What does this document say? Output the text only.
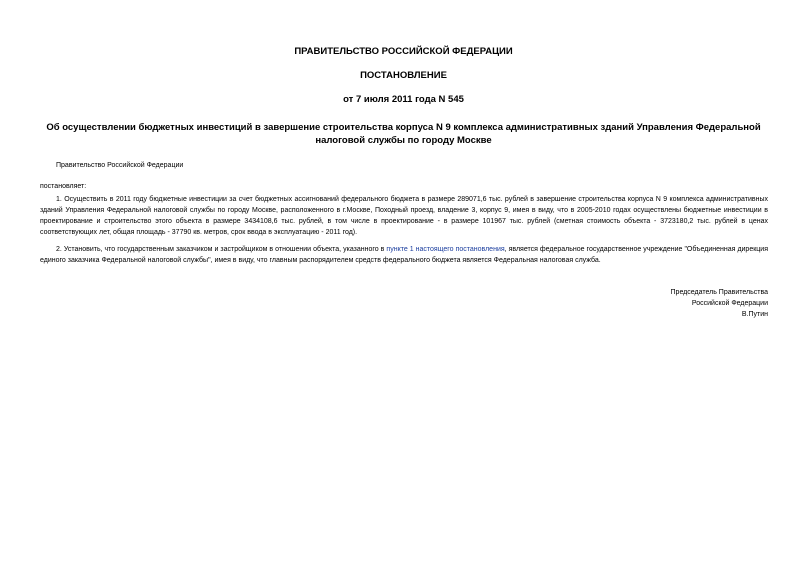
ПРАВИТЕЛЬСТВО РОССИЙСКОЙ ФЕДЕРАЦИИ
ПОСТАНОВЛЕНИЕ
от 7 июля 2011 года N 545
Об осуществлении бюджетных инвестиций в завершение строительства корпуса N 9 комплекса административных зданий Управления Федеральной налоговой службы по городу Москве
Правительство Российской Федерации
постановляет:
1. Осуществить в 2011 году бюджетные инвестиции за счет бюджетных ассигнований федерального бюджета в размере 289071,6 тыс. рублей в завершение строительства корпуса N 9 комплекса административных зданий Управления Федеральной налоговой службы по городу Москве, расположенного в г.Москве, Походный проезд, владение 3, корпус 9, имея в виду, что в 2005-2010 годах осуществлены бюджетные инвестиции в проектирование и строительство этого объекта в размере 3434108,6 тыс. рублей, в том числе в проектирование - в размере 101967 тыс. рублей (сметная стоимость объекта - 3723180,2 тыс. рублей в ценах соответствующих лет, общая площадь - 37790 кв. метров, срок ввода в эксплуатацию - 2011 год).
2. Установить, что государственным заказчиком и застройщиком в отношении объекта, указанного в пункте 1 настоящего постановления, является федеральное государственное учреждение "Объединенная дирекция единого заказчика Федеральной налоговой службы", имея в виду, что главным распорядителем средств федерального бюджета является Федеральная налоговая служба.
Председатель Правительства
Российской Федерации
В.Путин
